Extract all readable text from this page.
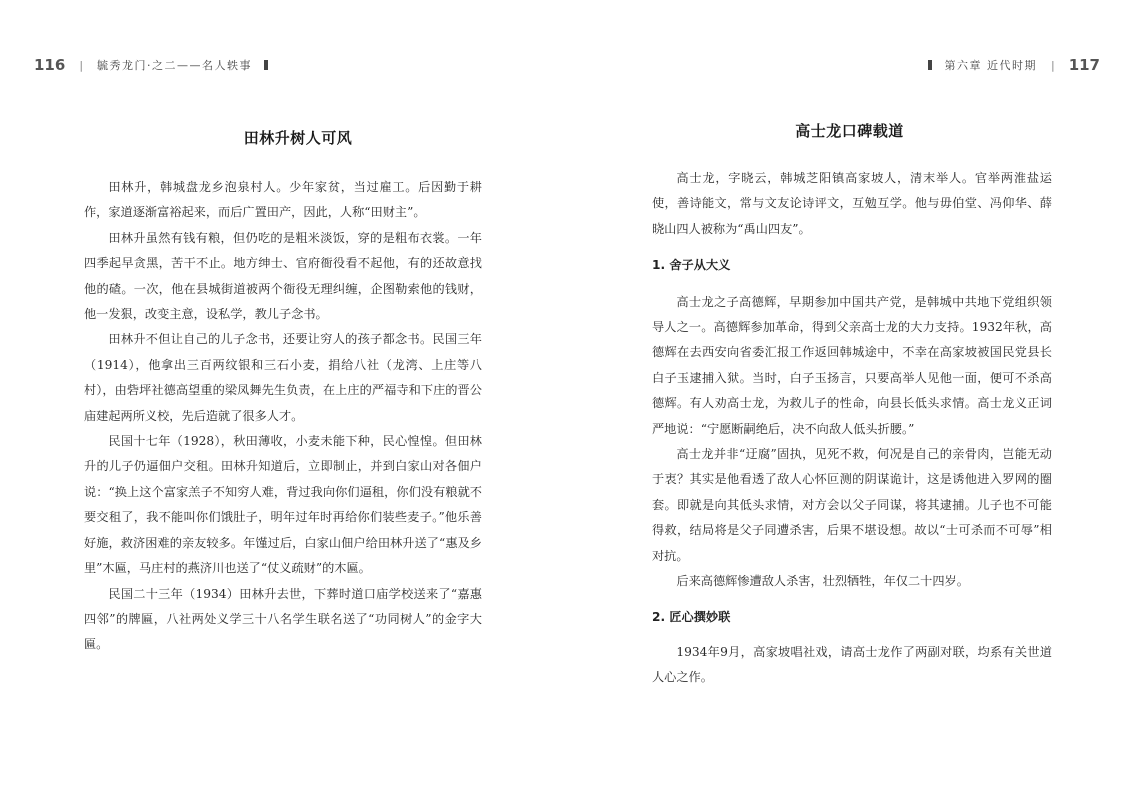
116 | 毓秀龙门·之二——名人轶事
田林升树人可风

田林升，韩城盘龙乡泡泉村人。少年家贫，当过雇工。后因勤于耕作，家道逐渐富裕起来，而后广置田产，因此，人称“田财主”。

田林升虽然有钱有粮，但仍吃的是粗米淡饭，穿的是粗布衣裳。一年四季起早贪黑，苦干不止。地方绅士、官府衙役看不起他，有的还故意找他的碴。一次，他在县城街道被两个衙役无理纠缠，企图勒索他的钱财，他一发狠，改变主意，设私学，教儿子念书。

田林升不但让自己的儿子念书，还要让穷人的孩子都念书。民国三年（1914），他拿出三百两纹银和三石小麦，捐给八社（龙湾、上庄等八村），由砦坪社德高望重的梁凤舞先生负责，在上庄的严福寺和下庄的晋公庙建起两所义校，先后造就了很多人才。

民国十七年（1928），秋田薄收，小麦未能下种，民心惶惶。但田林升的儿子仍逼佃户交租。田林升知道后，立即制止，并到白家山对各佃户说：“换上这个富家羔子不知穷人难，背过我向你们逼租，你们没有粮就不要交租了，我不能叫你们饿肚子，明年过年时再给你们装些麦子。”他乐善好施，救济困难的亲友较多。年馑过后，白家山佃户给田林升送了“惠及乡里”木匾，马庄村的燕济川也送了“仗义疏财”的木匾。

民国二十三年（1934）田林升去世，下葬时道口庙学校送来了“嘉惠四邻”的牌匾，八社两处义学三十八名学生联名送了“功同树人”的金字大匾。

第六章 近代时期 | 117
高士龙口碑载道

高士龙，字晓云，韩城芝阳镇高家坡人，清末举人。官举两淮盐运使，善诗能文，常与文友论诗评文，互勉互学。他与毋伯堂、冯仰华、薛晓山四人被称为“禹山四友”。

1. 舍子从大义

高士龙之子高德辉，早期参加中国共产党，是韩城中共地下党组织领导人之一。高德辉参加革命，得到父亲高士龙的大力支持。1932年秋，高德辉在去西安向省委汇报工作返回韩城途中，不幸在高家坡被国民党县长白子玉逮捕入狱。当时，白子玉扬言，只要高举人见他一面，便可不杀高德辉。有人劝高士龙，为救儿子的性命，向县长低头求情。高士龙义正词严地说：“宁愿断嗣绝后，决不向敌人低头折腰。”

高士龙并非“迂腐”固执，见死不救，何况是自己的亲骨肉，岂能无动于衷？其实是他看透了敌人心怀叵测的阴谋诡计，这是诱他进入罗网的圈套。即就是向其低头求情，对方会以父子同谋，将其逮捕。儿子也不可能得救，结局将是父子同遭杀害，后果不堪设想。故以“士可杀而不可辱”相对抗。

后来高德辉惨遭敌人杀害，壮烈牺牲，年仅二十四岁。

2. 匠心撰妙联

1934年9月，高家坡唱社戏，请高士龙作了两副对联，均系有关世道人心之作。
